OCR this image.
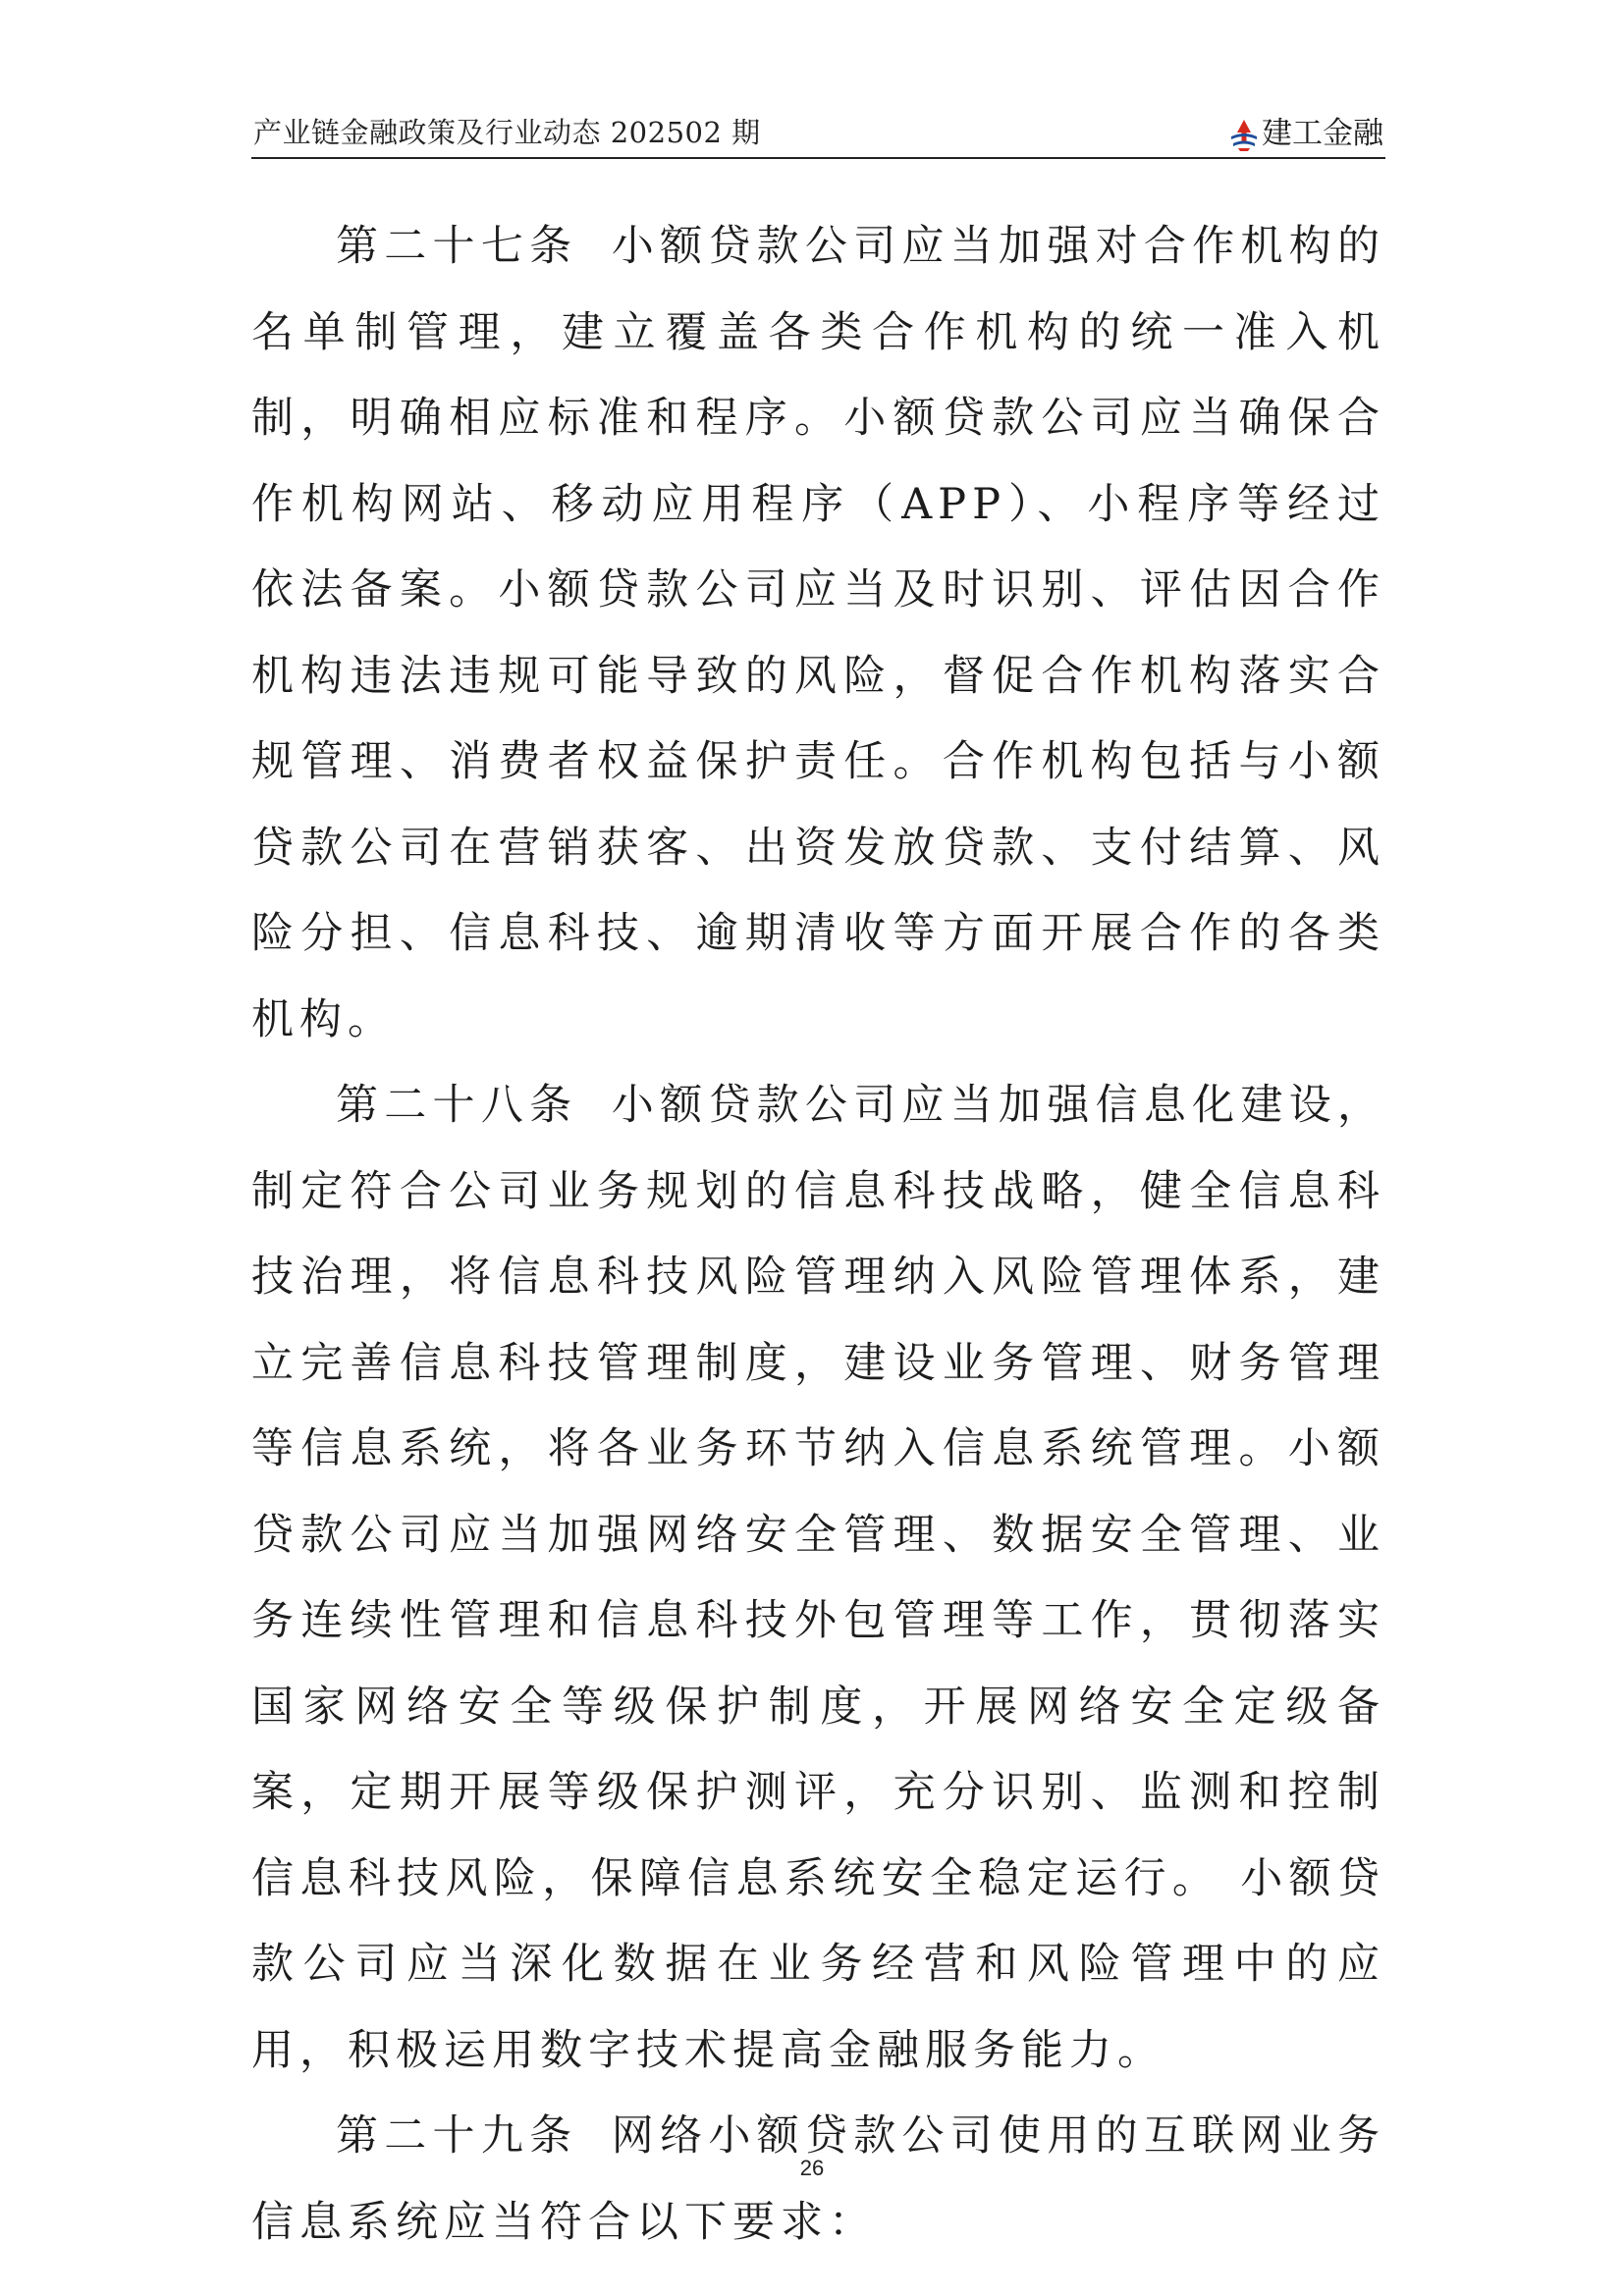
产业链金融政策及行业动态 202502 期	建工金融

第二十七条 小额贷款公司应当加强对合作机构的名单制管理，建立覆盖各类合作机构的统一准入机制，明确相应标准和程序。小额贷款公司应当确保合作机构网站、移动应用程序（APP）、小程序等经过依法备案。小额贷款公司应当及时识别、评估因合作机构违法违规可能导致的风险，督促合作机构落实合规管理、消费者权益保护责任。合作机构包括与小额贷款公司在营销获客、出资发放贷款、支付结算、风险分担、信息科技、逾期清收等方面开展合作的各类机构。

第二十八条 小额贷款公司应当加强信息化建设，制定符合公司业务规划的信息科技战略，健全信息科技治理，将信息科技风险管理纳入风险管理体系，建立完善信息科技管理制度，建设业务管理、财务管理等信息系统，将各业务环节纳入信息系统管理。小额贷款公司应当加强网络安全管理、数据安全管理、业务连续性管理和信息科技外包管理等工作，贯彻落实国家网络安全等级保护制度，开展网络安全定级备案，定期开展等级保护测评，充分识别、监测和控制信息科技风险，保障信息系统安全稳定运行。 小额贷款公司应当深化数据在业务经营和风险管理中的应用，积极运用数字技术提高金融服务能力。

第二十九条 网络小额贷款公司使用的互联网业务信息系统应当符合以下要求：

26
